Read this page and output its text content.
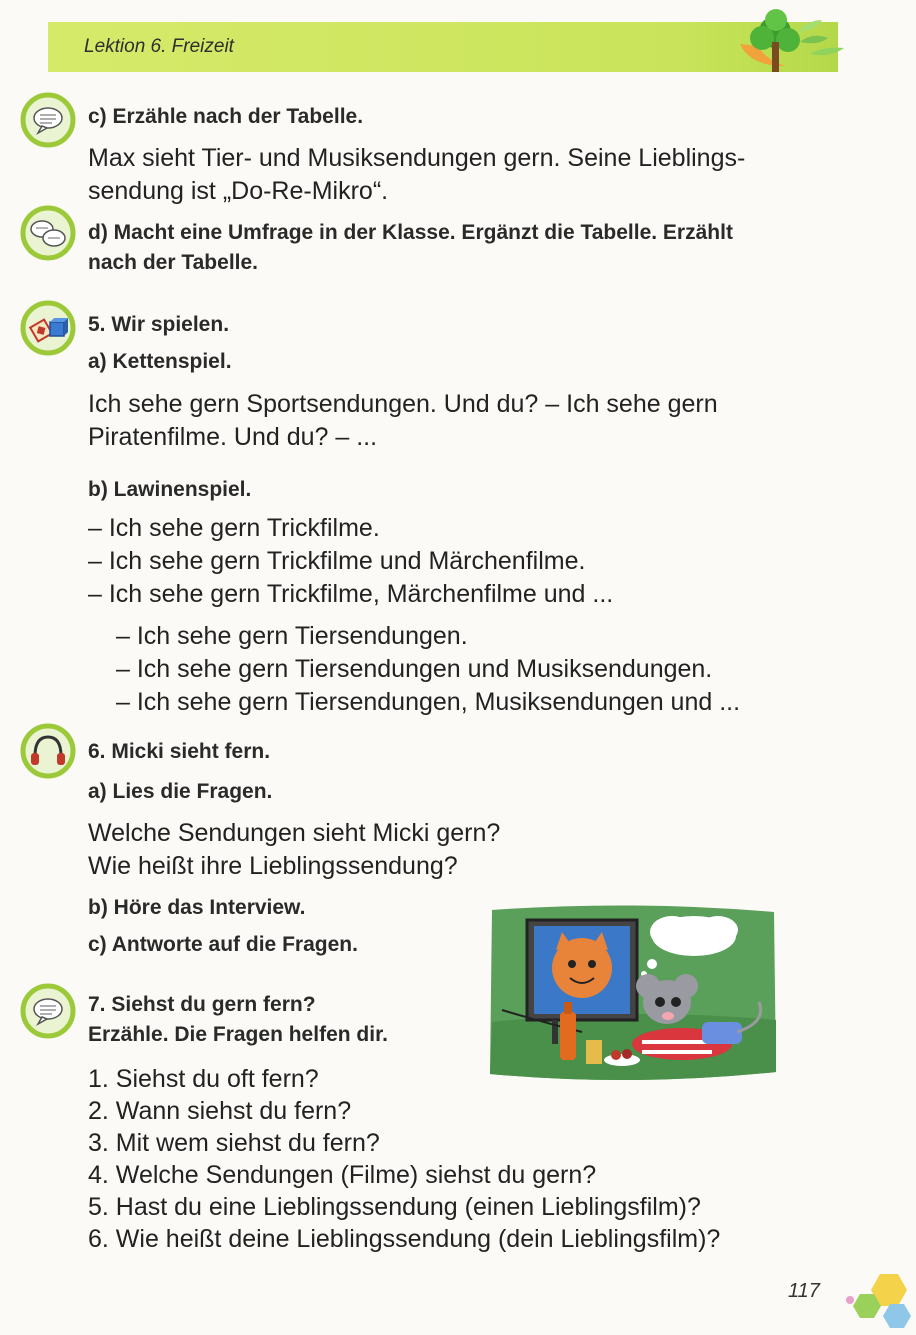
Lektion 6. Freizeit
c) Erzähle nach der Tabelle.
Max sieht Tier- und Musiksendungen gern. Seine Lieblings-
sendung ist „Do-Re-Mikro“.
d) Macht eine Umfrage in der Klasse. Ergänzt die Tabelle. Erzählt
nach der Tabelle.
5. Wir spielen.
a) Kettenspiel.
Ich sehe gern Sportsendungen. Und du? – Ich sehe gern
Piratenfilme. Und du? – ...
b) Lawinenspiel.
– Ich sehe gern Trickfilme.
– Ich sehe gern Trickfilme und Märchenfilme.
– Ich sehe gern Trickfilme, Märchenfilme und ...
– Ich sehe gern Tiersendungen.
– Ich sehe gern Tiersendungen und Musiksendungen.
– Ich sehe gern Tiersendungen, Musiksendungen und ...
6. Micki sieht fern.
a) Lies die Fragen.
Welche Sendungen sieht Micki gern?
Wie heißt ihre Lieblingssendung?
b) Höre das Interview.
c) Antworte auf die Fragen.
7. Siehst du gern fern?
Erzähle. Die Fragen helfen dir.
1. Siehst du oft fern?
2. Wann siehst du fern?
3. Mit wem siehst du fern?
4. Welche Sendungen (Filme) siehst du gern?
5. Hast du eine Lieblingssendung (einen Lieblingsfilm)?
6. Wie heißt deine Lieblingssendung (dein Lieblingsfilm)?
117
